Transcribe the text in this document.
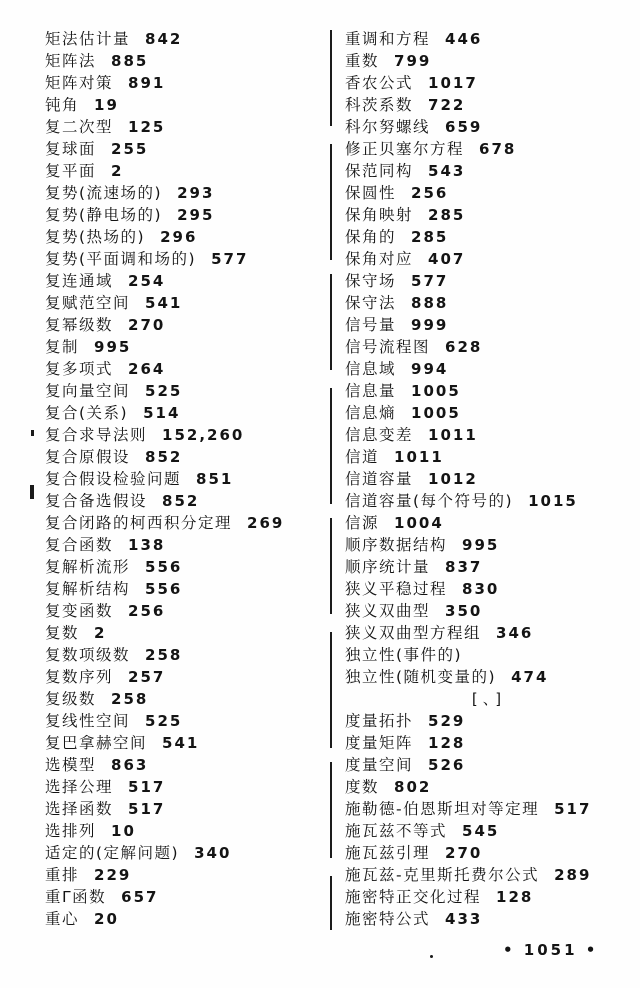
矩法估计量 842
矩阵法 885
矩阵对策 891
钝角 19
复二次型 125
复球面 255
复平面 2
复势(流速场的) 293
复势(静电场的) 295
复势(热场的) 296
复势(平面调和场的) 577
复连通域 254
复赋范空间 541
复幂级数 270
复制 995
复多项式 264
复向量空间 525
复合(关系) 514
复合求导法则 152,260
复合原假设 852
复合假设检验问题 851
复合备选假设 852
复合闭路的柯西积分定理 269
复合函数 138
复解析流形 556
复解析结构 556
复变函数 256
复数 2
复数项级数 258
复数序列 257
复级数 258
复线性空间 525
复巴拿赫空间 541
选模型 863
选择公理 517
选择函数 517
选排列 10
适定的(定解问题) 340
重排 229
重Γ函数 657
重心 20
重调和方程 446
重数 799
香农公式 1017
科茨系数 722
科尔努螺线 659
修正贝塞尔方程 678
保范同构 543
保圆性 256
保角映射 285
保角的 285
保角对应 407
保守场 577
保守法 888
信号量 999
信号流程图 628
信息域 994
信息量 1005
信息熵 1005
信息变差 1011
信道 1011
信道容量 1012
信道容量(每个符号的) 1015
信源 1004
顺序数据结构 995
顺序统计量 837
狭义平稳过程 830
狭义双曲型 350
狭义双曲型方程组 346
独立性(事件的)
独立性(随机变量的) 474
[、]
度量拓扑 529
度量矩阵 128
度量空间 526
度数 802
施勒德-伯恩斯坦对等定理 517
施瓦兹不等式 545
施瓦兹引理 270
施瓦兹-克里斯托费尔公式 289
施密特正交化过程 128
施密特公式 433
• 1051 •
